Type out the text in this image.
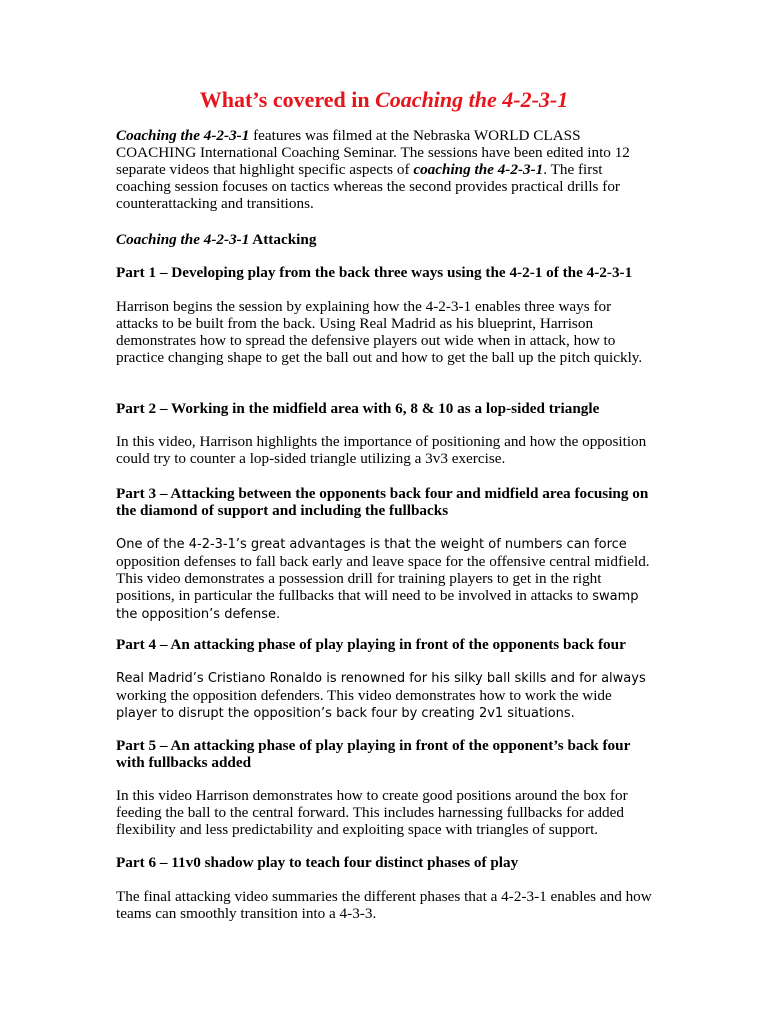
What’s covered in Coaching the 4-2-3-1

Coaching the 4-2-3-1 features was filmed at the Nebraska WORLD CLASS COACHING International Coaching Seminar. The sessions have been edited into 12 separate videos that highlight specific aspects of coaching the 4-2-3-1. The first coaching session focuses on tactics whereas the second provides practical drills for counterattacking and transitions.

Coaching the 4-2-3-1 Attacking

Part 1 – Developing play from the back three ways using the 4-2-1 of the 4-2-3-1

Harrison begins the session by explaining how the 4-2-3-1 enables three ways for attacks to be built from the back. Using Real Madrid as his blueprint, Harrison demonstrates how to spread the defensive players out wide when in attack, how to practice changing shape to get the ball out and how to get the ball up the pitch quickly.

Part 2 – Working in the midfield area with 6, 8 & 10 as a lop-sided triangle

In this video, Harrison highlights the importance of positioning and how the opposition could try to counter a lop-sided triangle utilizing a 3v3 exercise.

Part 3 – Attacking between the opponents back four and midfield area focusing on the diamond of support and including the fullbacks

One of the 4-2-3-1’s great advantages is that the weight of numbers can force opposition defenses to fall back early and leave space for the offensive central midfield. This video demonstrates a possession drill for training players to get in the right positions, in particular the fullbacks that will need to be involved in attacks to swamp the opposition’s defense.

Part 4 – An attacking phase of play playing in front of the opponents back four

Real Madrid’s Cristiano Ronaldo is renowned for his silky ball skills and for always working the opposition defenders. This video demonstrates how to work the wide player to disrupt the opposition’s back four by creating 2v1 situations.

Part 5 – An attacking phase of play playing in front of the opponent’s back four with fullbacks added

In this video Harrison demonstrates how to create good positions around the box for feeding the ball to the central forward. This includes harnessing fullbacks for added flexibility and less predictability and exploiting space with triangles of support.

Part 6 – 11v0 shadow play to teach four distinct phases of play

The final attacking video summaries the different phases that a 4-2-3-1 enables and how teams can smoothly transition into a 4-3-3.
